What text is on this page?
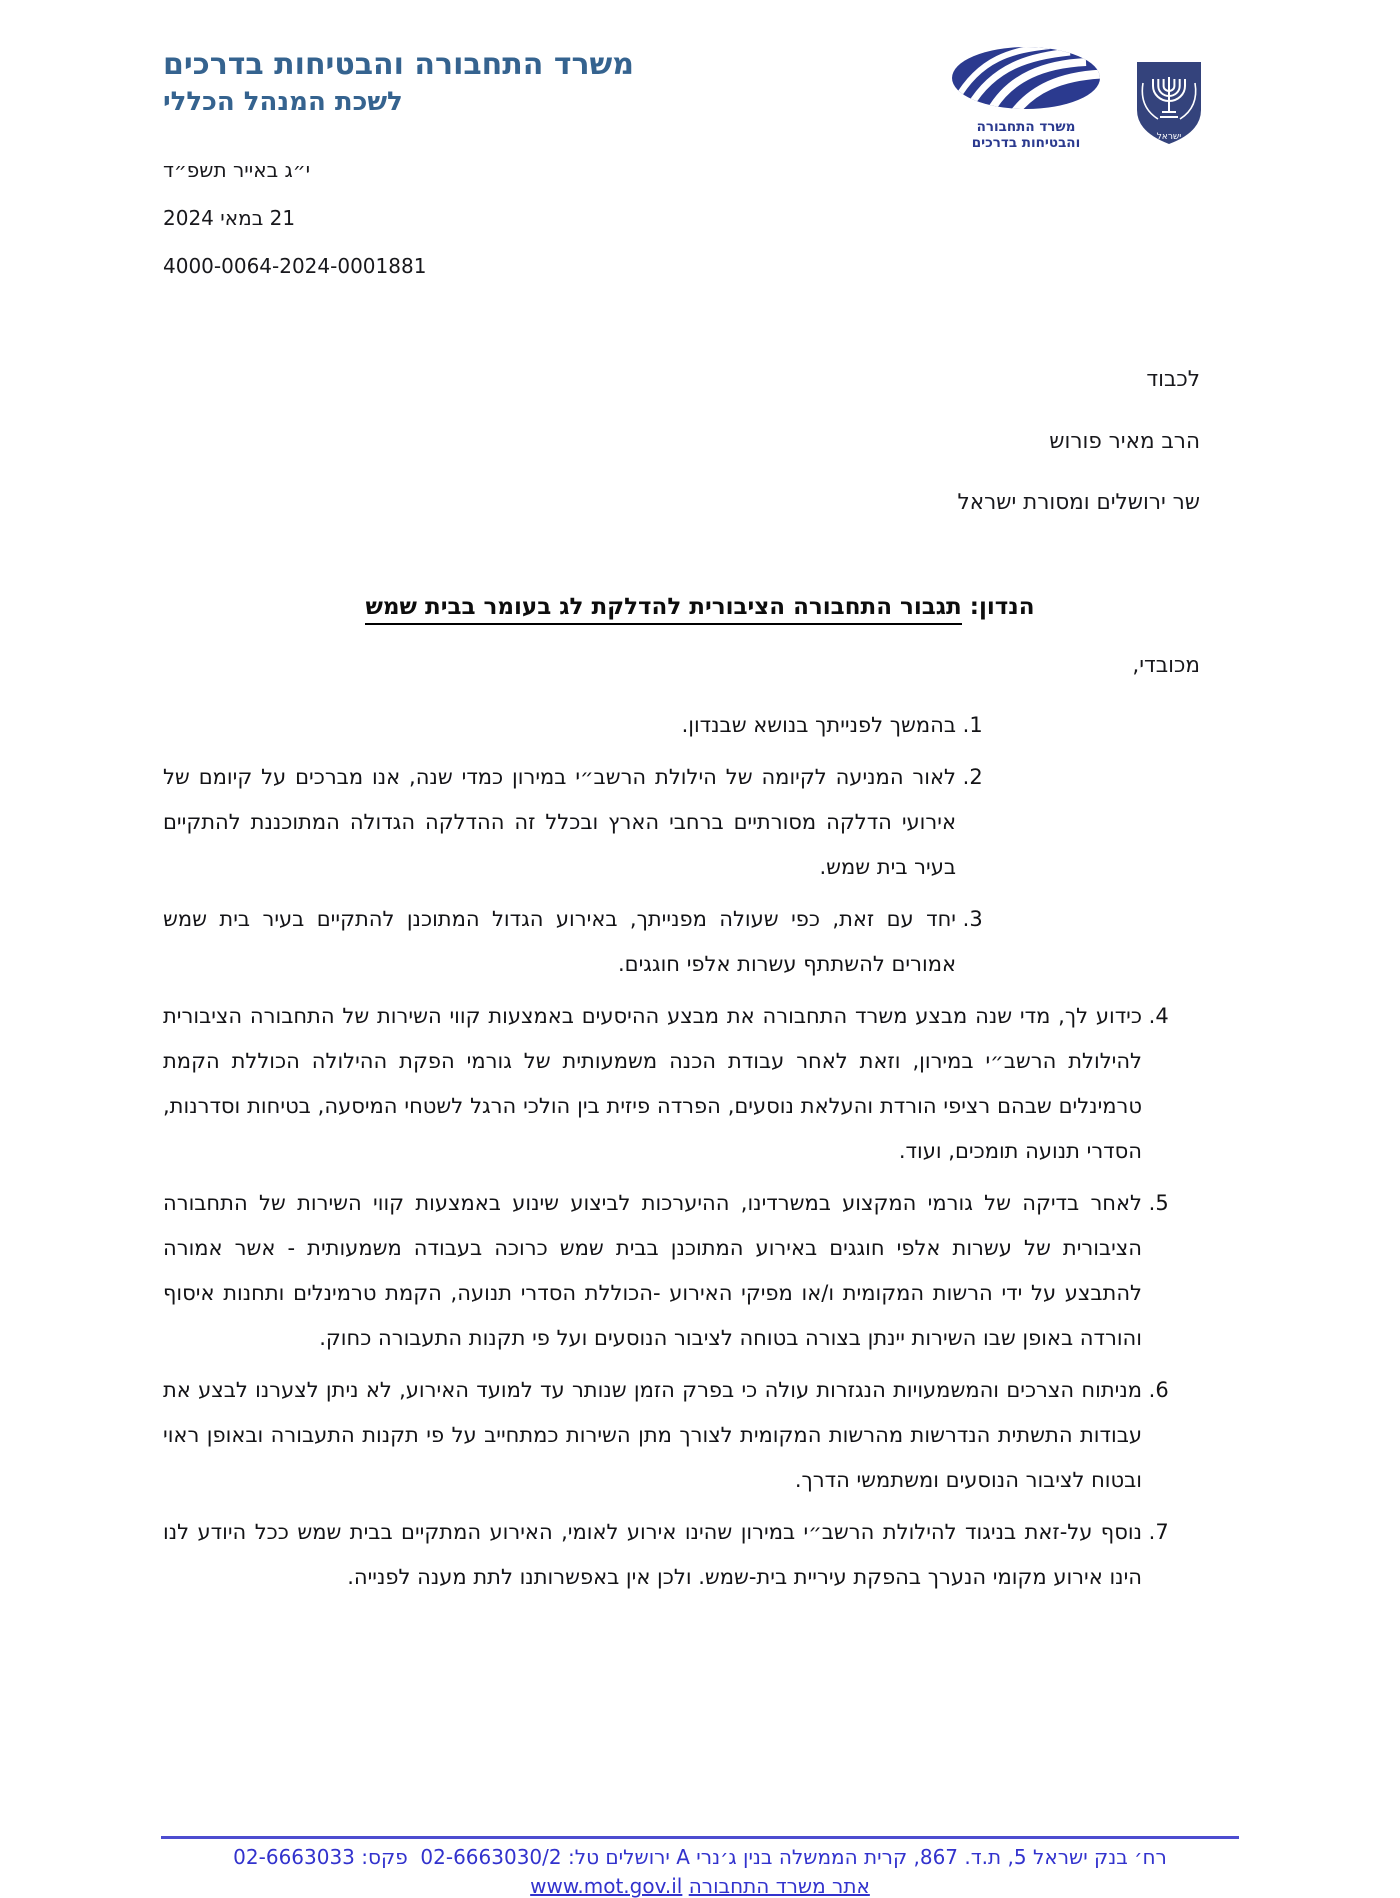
משרד התחבורה והבטיחות בדרכים
לשכת המנהל הכללי
משרד התחבורה
והבטיחות בדרכים	ישראל
י״ג באייר תשפ״ד
21 במאי 2024
4000-0064-2024-0001881
לכבוד
הרב מאיר פורוש
שר ירושלים ומסורת ישראל
הנדון: תגבור התחבורה הציבורית להדלקת לג בעומר בבית שמש
מכובדי,
1. בהמשך לפנייתך בנושא שבנדון.
2. לאור המניעה לקיומה של הילולת הרשב״י במירון כמדי שנה, אנו מברכים על קיומם של אירועי הדלקה מסורתיים ברחבי הארץ ובכלל זה ההדלקה הגדולה המתוכננת להתקיים בעיר בית שמש.
3. יחד עם זאת, כפי שעולה מפנייתך, באירוע הגדול המתוכנן להתקיים בעיר בית שמש אמורים להשתתף עשרות אלפי חוגגים.
4. כידוע לך, מדי שנה מבצע משרד התחבורה את מבצע ההיסעים באמצעות קווי השירות של התחבורה הציבורית להילולת הרשב״י במירון, וזאת לאחר עבודת הכנה משמעותית של גורמי הפקת ההילולה הכוללת הקמת טרמינלים שבהם רציפי הורדת והעלאת נוסעים, הפרדה פיזית בין הולכי הרגל לשטחי המיסעה, בטיחות וסדרנות, הסדרי תנועה תומכים, ועוד.
5. לאחר בדיקה של גורמי המקצוע במשרדינו, ההיערכות לביצוע שינוע באמצעות קווי השירות של התחבורה הציבורית של עשרות אלפי חוגגים באירוע המתוכנן בבית שמש כרוכה בעבודה משמעותית - אשר אמורה להתבצע על ידי הרשות המקומית ו/או מפיקי האירוע -הכוללת הסדרי תנועה, הקמת טרמינלים ותחנות איסוף והורדה באופן שבו השירות יינתן בצורה בטוחה לציבור הנוסעים ועל פי תקנות התעבורה כחוק.
6. מניתוח הצרכים והמשמעויות הנגזרות עולה כי בפרק הזמן שנותר עד למועד האירוע, לא ניתן לצערנו לבצע את עבודות התשתית הנדרשות מהרשות המקומית לצורך מתן השירות כמתחייב על פי תקנות התעבורה ובאופן ראוי ובטוח לציבור הנוסעים ומשתמשי הדרך.
7. נוסף על-זאת בניגוד להילולת הרשב״י במירון שהינו אירוע לאומי, האירוע המתקיים בבית שמש ככל היודע לנו הינו אירוע מקומי הנערך בהפקת עיריית בית-שמש. ולכן אין באפשרותנו לתת מענה לפנייה.
רח׳ בנק ישראל 5, ת.ד. 867, קרית הממשלה בנין ג׳נרי A ירושלים טל: 02-6663030/2  פקס: 02-6663033
אתר משרד התחבורה www.mot.gov.il
